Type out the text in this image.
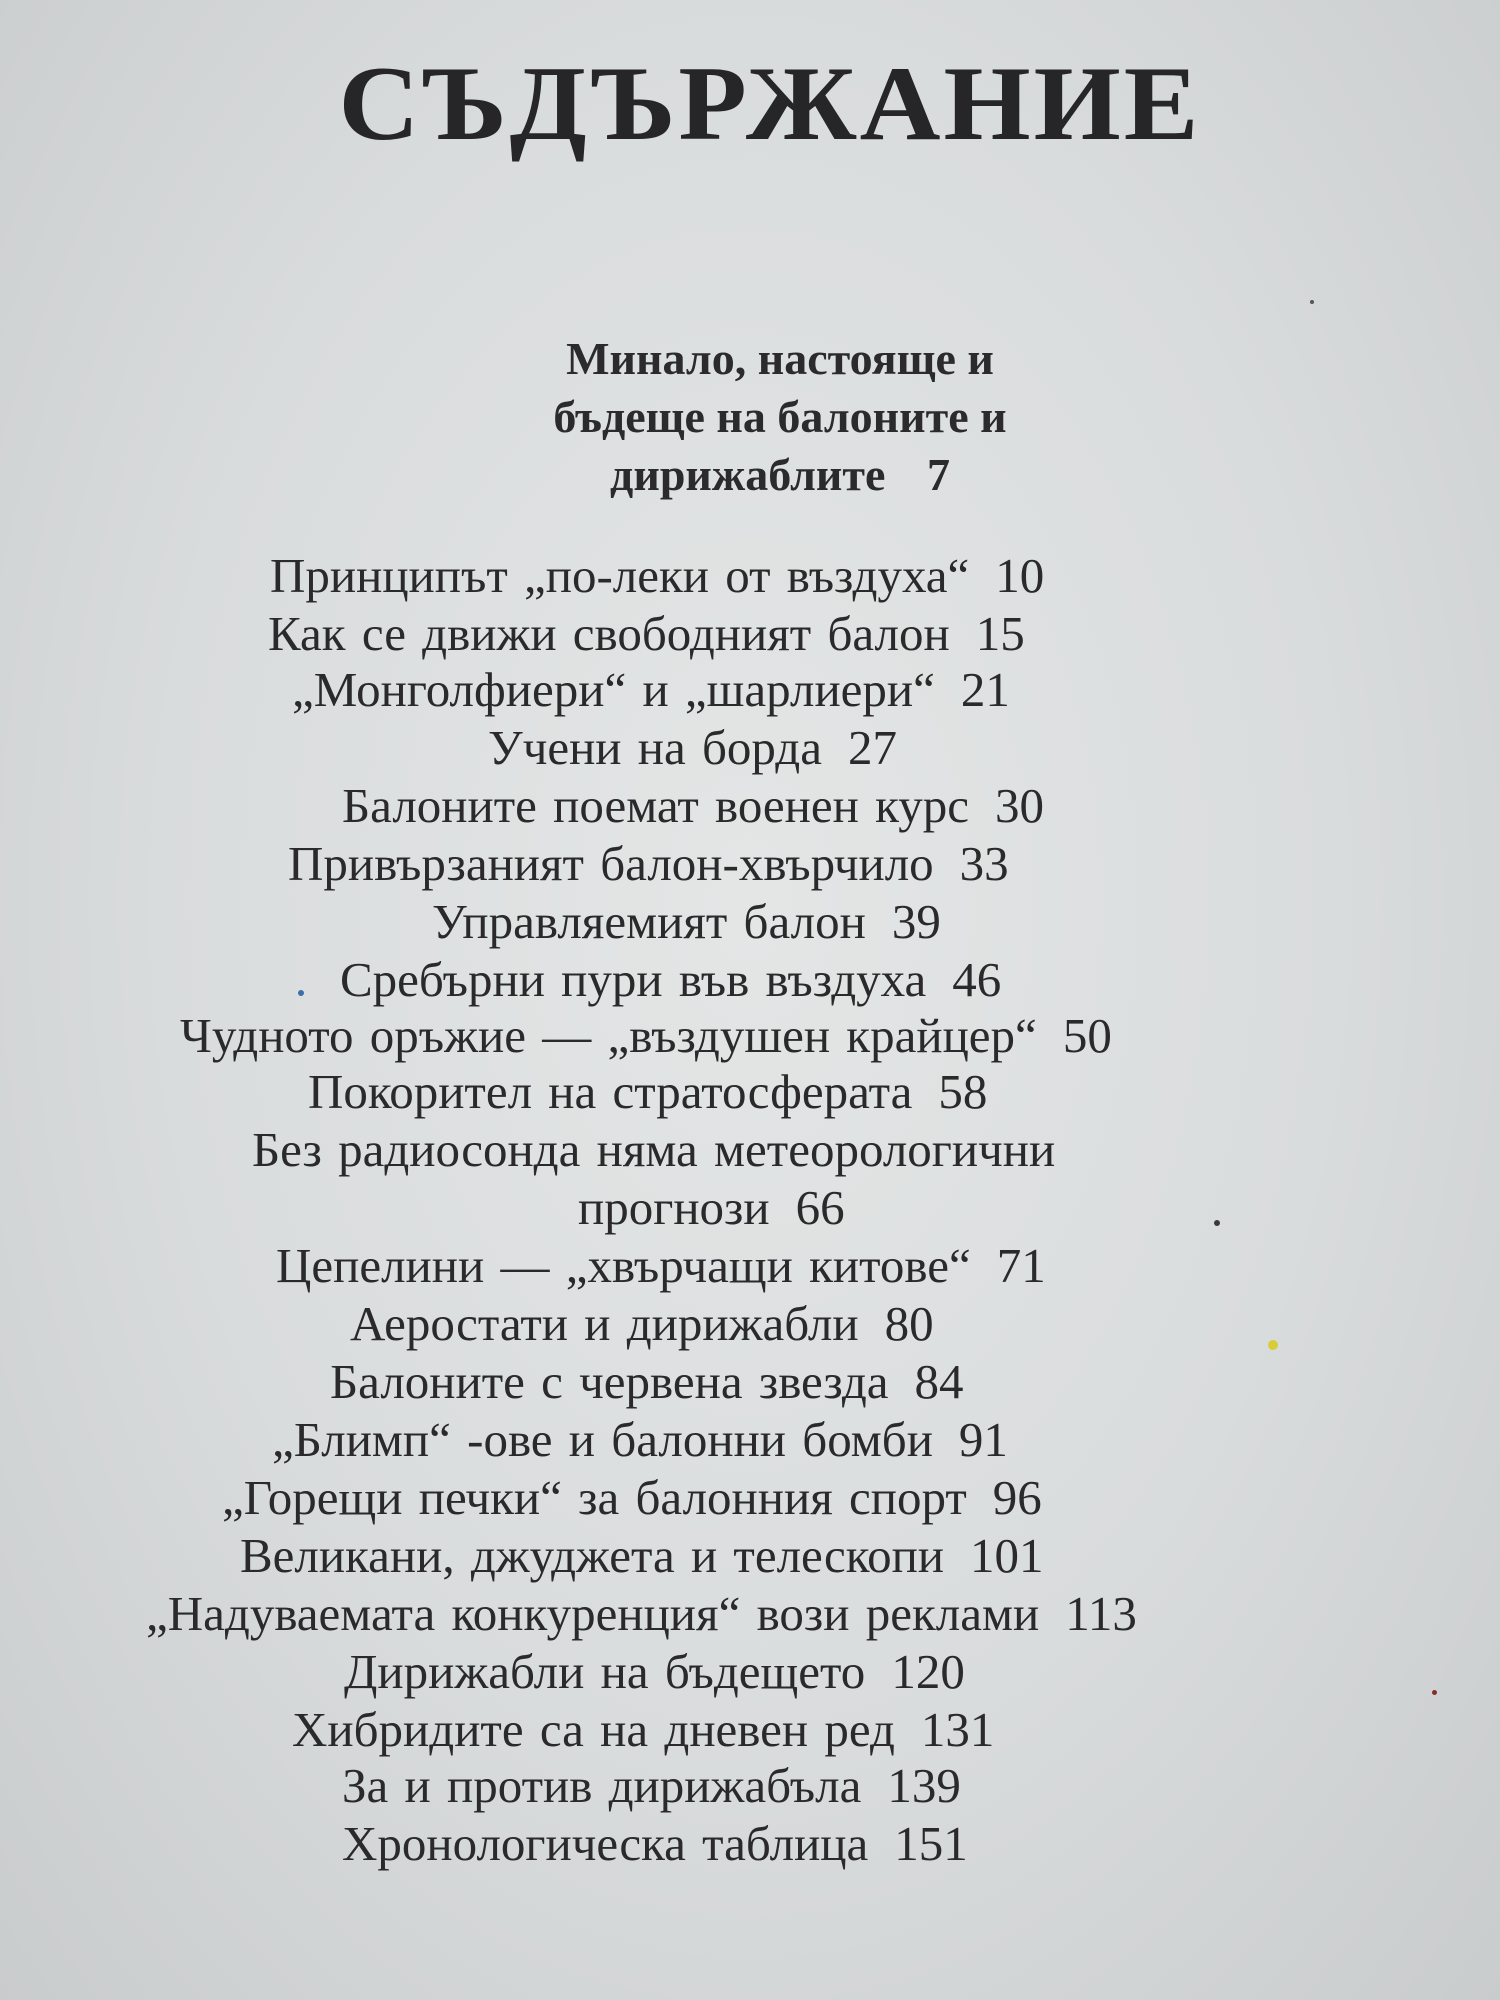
СЪДЪРЖАНИЕ
Минало, настояще и
бъдеще на балоните и
дирижаблите 7
Принципът „по-леки от въздуха“ 10
Как се движи свободният балон 15
„Монголфиери“ и „шарлиери“ 21
Учени на борда 27
Балоните поемат военен курс 30
Привързаният балон-хвърчило 33
Управляемият балон 39
Сребърни пури във въздуха 46
Чудното оръжие — „въздушен крайцер“ 50
Покорител на стратосферата 58
Без радиосонда няма метеорологични
прогнози 66
Цепелини — „хвърчащи китове“ 71
Аеростати и дирижабли 80
Балоните с червена звезда 84
„Блимп“ -ове и балонни бомби 91
„Горещи печки“ за балонния спорт 96
Великани, джуджета и телескопи 101
„Надуваемата конкуренция“ вози реклами 113
Дирижабли на бъдещето 120
Хибридите са на дневен ред 131
За и против дирижабъла 139
Хронологическа таблица 151
